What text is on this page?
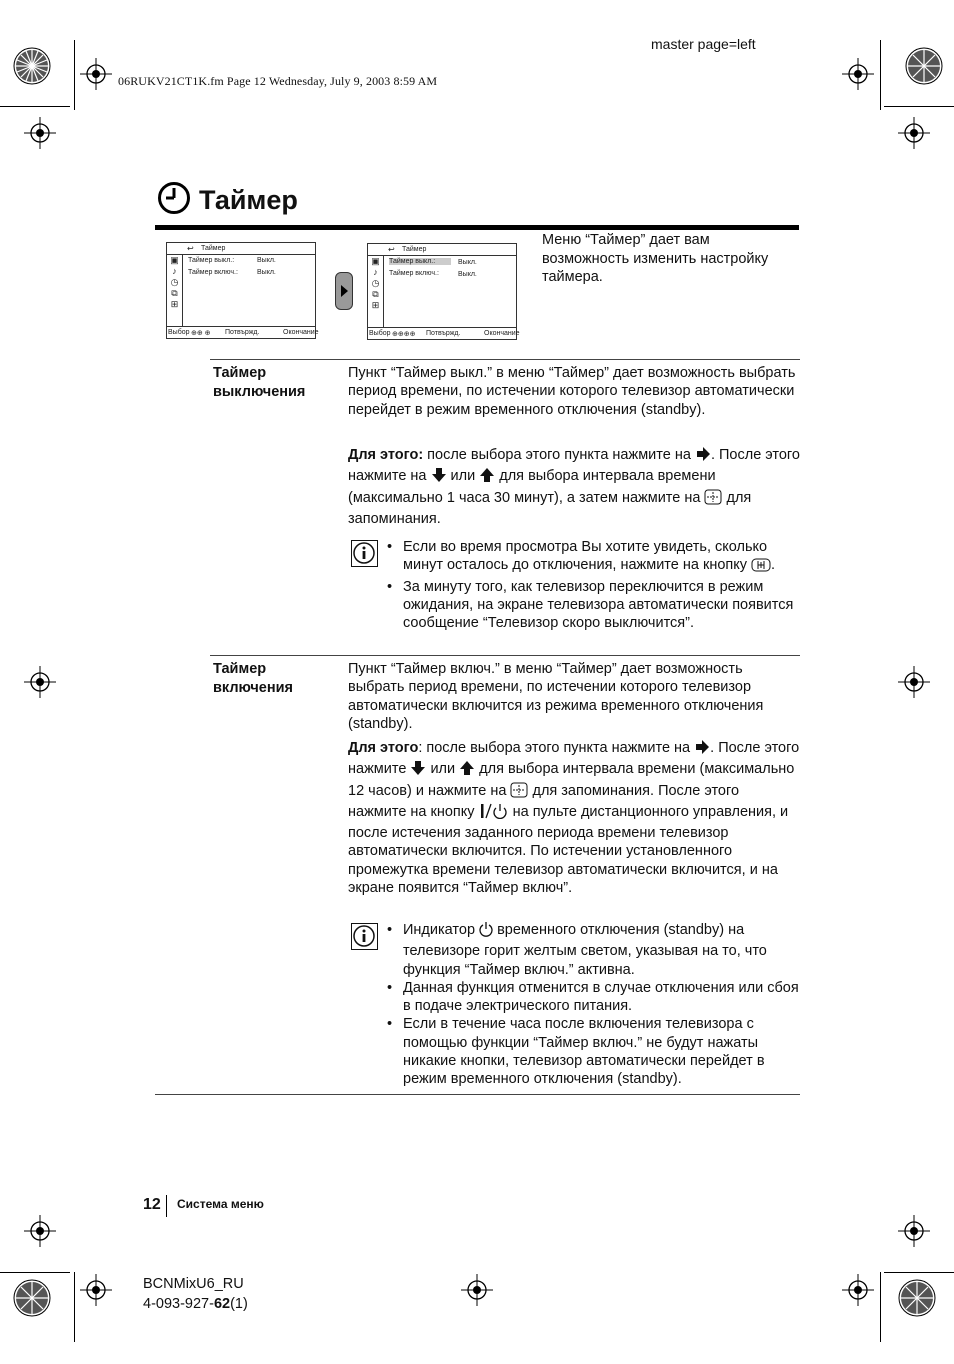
master page=left
06RUKV21CT1K.fm Page 12 Wednesday, July 9, 2003 8:59 AM
Таймер
↩ Таймер
▣
♪
◷
⧉
⊞
Таймер выкл.:	Выкл.
Таймер включ.:	Выкл.
Выбор ⊕⊕ ⊕ Потвържд.	Окончание
↩ Таймер
▣
♪
◷
⧉
⊞
Таймер выкл.:	Выкл.
Таймер включ.:	Выкл.
Выбор ⊕⊕⊕⊕ Потвържд.	Окончание
Меню “Таймер” дает вам возможность изменить настройку таймера.
Таймер
выключения
Пункт “Таймер выкл.” в меню “Таймер” дает возможность выбрать период времени, по истечении которого телевизор автоматически перейдет в режим временного отключения (standby).
Для этого: после выбора этого пункта нажмите на . После этого нажмите на  или  для выбора интервала времени (максимально 1 часа 30 минут), а затем нажмите на  для запоминания.
• Если во время просмотра Вы хотите увидеть, сколько минут осталось до отключения, нажмите на кнопку .
• За минуту того, как телевизор переключится в режим ожидания, на экране телевизора автоматически появится сообщение “Телевизор скоро выключится”.
Таймер
включения
Пункт “Таймер включ.” в меню “Таймер” дает возможность выбрать период времени, по истечении которого телевизор автоматически включится из режима временного отключения (standby).
Для этого: после выбора этого пункта нажмите на . После этого нажмите  или  для выбора интервала времени (максимально 12 часов) и нажмите на  для запоминания. После этого нажмите на кнопку  на пульте дистанционного управления, и после истечения заданного периода времени телевизор автоматически включится. По истечении установленного промежутка времени телевизор автоматически включится, и на экране появится “Таймер включ”.
• Индикатор  временного отключения (standby) на телевизоре горит желтым светом, указывая на то, что функция “Таймер включ.” активна.
• Данная функция отменится в случае отключения или сбоя в подаче электрического питания.
• Если в течение часа после включения телевизора с помощью функции “Таймер включ.” не будут нажаты никакие кнопки, телевизор автоматически перейдет в режим временного отключения (standby).
12 Система меню
BCNMixU6_RU
4-093-927-62(1)
